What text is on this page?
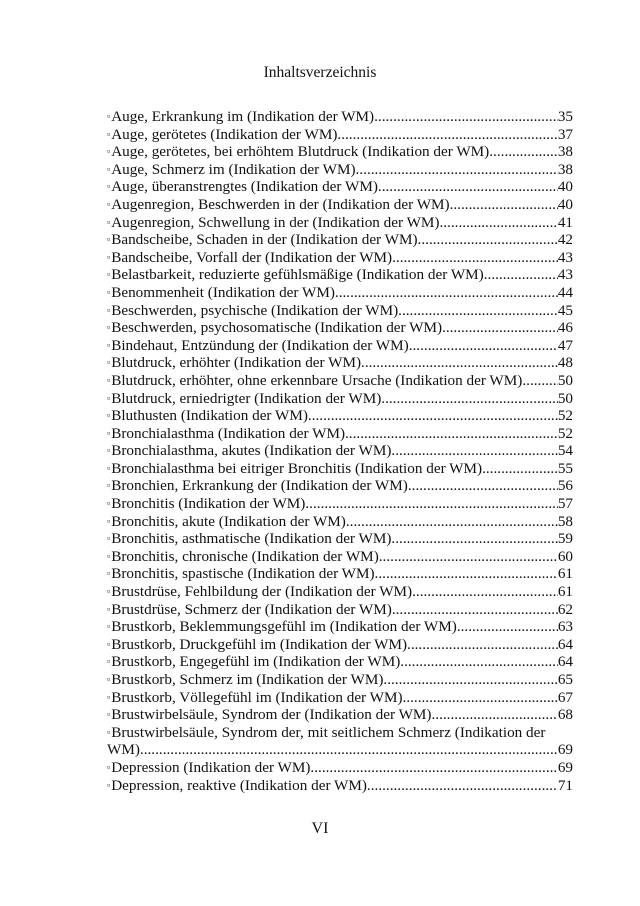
Inhaltsverzeichnis
▫Auge, Erkrankung im (Indikation der WM) .....	35
▫Auge, gerötetes (Indikation der WM) .....	37
▫Auge, gerötetes, bei erhöhtem Blutdruck (Indikation der WM) .....	38
▫Auge, Schmerz im (Indikation der WM) .....	38
▫Auge, überanstrengtes (Indikation der WM) .....	40
▫Augenregion, Beschwerden in der (Indikation der WM) .....	40
▫Augenregion, Schwellung in der (Indikation der WM) .....	41
▫Bandscheibe, Schaden in der (Indikation der WM) .....	42
▫Bandscheibe, Vorfall der (Indikation der WM) .....	43
▫Belastbarkeit, reduzierte gefühlsmäßige (Indikation der WM) .....	43
▫Benommenheit (Indikation der WM) .....	44
▫Beschwerden, psychische (Indikation der WM) .....	45
▫Beschwerden, psychosomatische (Indikation der WM) .....	46
▫Bindehaut, Entzündung der (Indikation der WM) .....	47
▫Blutdruck, erhöhter (Indikation der WM) .....	48
▫Blutdruck, erhöhter, ohne erkennbare Ursache (Indikation der WM) ..... 50
▫Blutdruck, erniedrigter (Indikation der WM) .....	50
▫Bluthusten (Indikation der WM) .....	52
▫Bronchialasthma (Indikation der WM) .....	52
▫Bronchialasthma, akutes (Indikation der WM) .....	54
▫Bronchialasthma bei eitriger Bronchitis (Indikation der WM) .....	55
▫Bronchien, Erkrankung der (Indikation der WM) .....	56
▫Bronchitis (Indikation der WM) .....	57
▫Bronchitis, akute (Indikation der WM) .....	58
▫Bronchitis, asthmatische (Indikation der WM) .....	59
▫Bronchitis, chronische (Indikation der WM) .....	60
▫Bronchitis, spastische (Indikation der WM) .....	61
▫Brustdrüse, Fehlbildung der (Indikation der WM) .....	61
▫Brustdrüse, Schmerz der (Indikation der WM) .....	62
▫Brustkorb, Beklemmungsgefühl im (Indikation der WM) .....	63
▫Brustkorb, Druckgefühl im (Indikation der WM) .....	64
▫Brustkorb, Engegefühl im (Indikation der WM) .....	64
▫Brustkorb, Schmerz im (Indikation der WM) .....	65
▫Brustkorb, Völlegefühl im (Indikation der WM) .....	67
▫Brustwirbelsäule, Syndrom der (Indikation der WM) .....	68
▫Brustwirbelsäule, Syndrom der, mit seitlichem Schmerz (Indikation der
WM) .....	69
▫Depression (Indikation der WM) .....	69
▫Depression, reaktive (Indikation der WM) .....	71
VI
